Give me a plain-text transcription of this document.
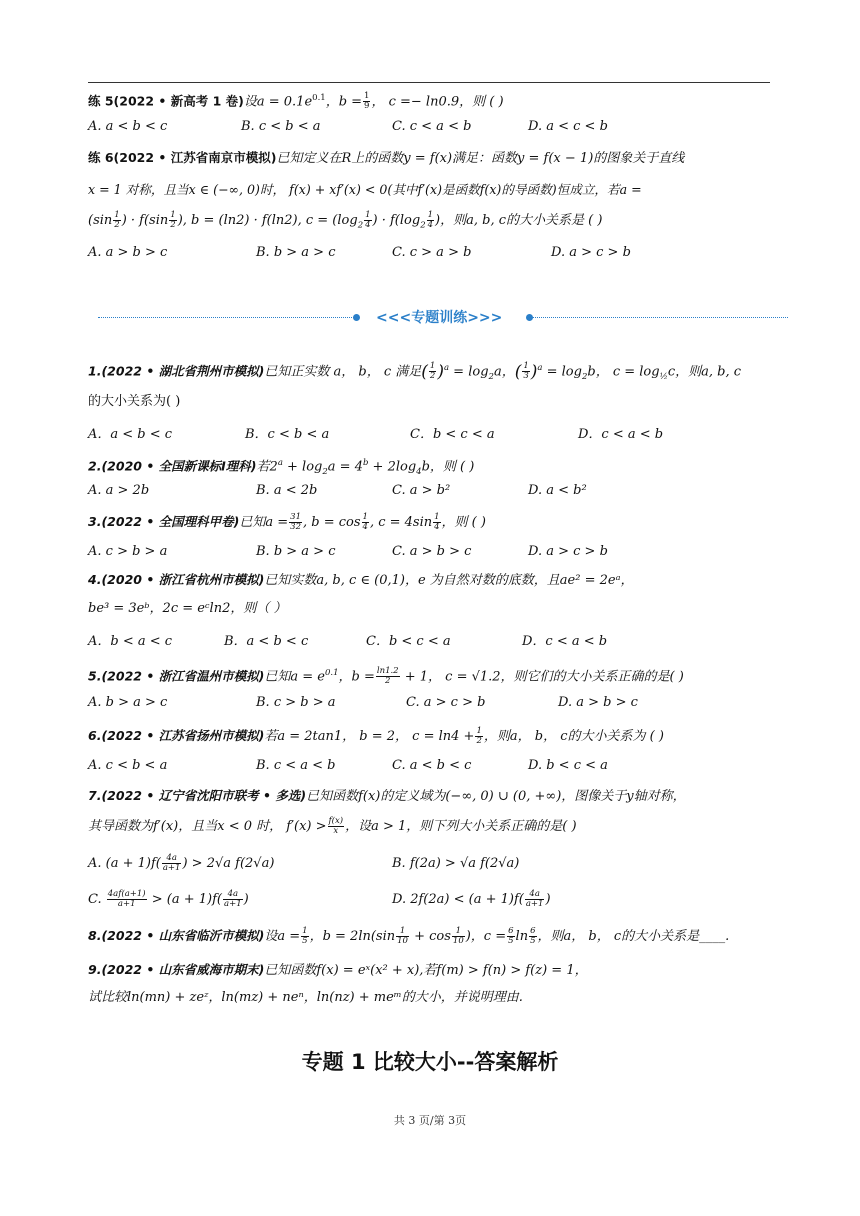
练 5(2022 • 新高考 1 卷)设$a = 0.1e^{0.1}$，$b = \frac{1}{9}$ ， c =− ln0.9，则 ( )
A. a < b < c	B. c < b < a	C. c < a < b	D. a < c < b
练 6(2022 • 江苏省南京市模拟)已知定义在R上的函数y = f(x)满足：函数y = f(x − 1)的图象关于直线
x = 1 对称，且当x ∈ (−∞, 0)时， f(x) + xf′(x) < 0(其中f′(x)是函数f(x)的导函数)恒成立，若a =
($\sin \frac{1}{2}$ ) · $f(\sin \frac{1}{2}$ ), b = (ln2) · f(ln2), $c = (\log_2 \frac{1}{4}$ ) · $f(\log_2 \frac{1}{4}$ )，则a, b, c的大小关系是 ( )
A. a > b > c	B. b > a > c	C. c > a > b	D. a > c > b
<<<专题训练>>>
1.(2022 • 湖北省荆州市模拟)已知正实数 a， b， c 满足( $\frac{1}{2} )^a = \log_2a$，( $\frac{1}{3} )^a = \log_2b$， $c = \log_{\frac{1}{2}}c$，则a, b, c
的大小关系为( )
A．a < b < c	B．c < b < a	C．b < c < a	D．c < a < b
2.(2020 • 全国新课标Ⅰ理科)若$2^a + \log_2a = 4^b + 2\log_4b$，则 ( )
A. a > 2b	B. a < 2b	C. a > b²	D. a < b²
3.(2022 • 全国理科甲卷)已知$a = \frac{31}{32}$ , $b = \cos \frac{1}{4}$ , $c = 4\sin \frac{1}{4}$ ，则 ( )
A. c > b > a	B. b > a > c	C. a > b > c	D. a > c > b
4.(2020 • 浙江省杭州市模拟)已知实数a, b, c ∈ (0,1)，e 为自然对数的底数，且ae² = 2eᵃ，
be³ = 3eᵇ，2c = eᶜln2，则（ ）
A．b < a < c	B．a < b < c	C．b < c < a	D．c < a < b
5.(2022 • 浙江省温州市模拟)已知$a = e^{0.1}$，$b = \frac{\ln 1.2}{2} + 1$， c = √1.2，则它们的大小关系正确的是( )
A. b > a > c	B. c > b > a	C. a > c > b	D. a > b > c
6.(2022 • 江苏省扬州市模拟)若a = 2tan1， b = 2， $c = \ln 4 + \frac{1}{2}$ ，则a， b， c的大小关系为 ( )
A. c < b < a	B. c < a < b	C. a < b < c	D. b < c < a
7.(2022 • 辽宁省沈阳市联考 • 多选)已知函数f(x)的定义域为(−∞, 0) ∪ (0, +∞)，图像关于y轴对称，
其导函数为f′(x)，且当x < 0 时， $f'(x) > \frac{f(x)}{x}$ ，设a > 1，则下列大小关系正确的是( )
A. $(a + 1)f( \frac{4a}{a+1}$ ) > 2√a f(2√a)	B. f(2a) > √a f(2√a)
C. $\frac{4af(a+1)}{a+1} > (a + 1)f( \frac{4a}{a+1}$ )	D. $2f(2a) < (a + 1)f( \frac{4a}{a+1}$ )
8.(2022 • 山东省临沂市模拟)设$a = \frac{1}{5}$ ，$b = 2\ln(\sin \frac{1}{10} + \cos \frac{1}{10}$ )，$c = \frac{6}{5}$ $\ln \frac{6}{5}$ ，则a， b， c的大小关系是____.
9.(2022 • 山东省威海市期末)已知函数f(x) = eˣ(x² + x),若f(m) > f(n) > f(z) = 1，
试比较ln(mn) + zeᶻ，ln(mz) + neⁿ，ln(nz) + meᵐ的大小，并说明理由.
专题 1 比较大小--答案解析
共 3 页/第 3页
